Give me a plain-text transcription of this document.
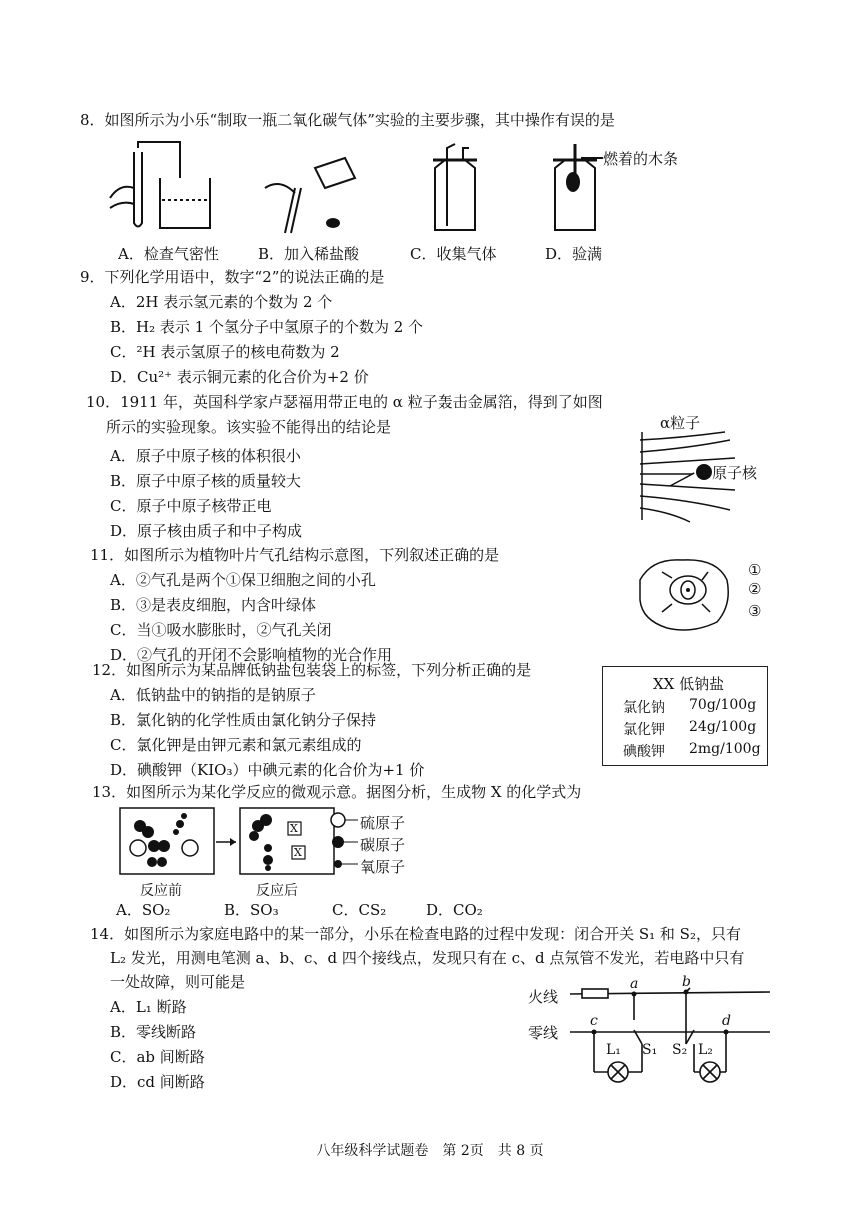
8．如图所示为小乐“制取一瓶二氧化碳气体”实验的主要步骤，其中操作有误的是
燃着的木条
A．检查气密性	B．加入稀盐酸	C．收集气体	D．验满
9．下列化学用语中，数字“2”的说法正确的是
A．2H 表示氢元素的个数为 2 个
B．H₂ 表示 1 个氢分子中氢原子的个数为 2 个
C．²H 表示氢原子的核电荷数为 2
D．Cu²⁺ 表示铜元素的化合价为+2 价
10．1911 年，英国科学家卢瑟福用带正电的 α 粒子轰击金属箔，得到了如图
所示的实验现象。该实验不能得出的结论是
A．原子中原子核的体积很小
B．原子中原子核的质量较大
C．原子中原子核带正电
D．原子核由质子和中子构成
α粒子
原子核
11．如图所示为植物叶片气孔结构示意图，下列叙述正确的是
A．②气孔是两个①保卫细胞之间的小孔
B．③是表皮细胞，内含叶绿体
C．当①吸水膨胀时，②气孔关闭
D．②气孔的开闭不会影响植物的光合作用
①
②
③
12．如图所示为某品牌低钠盐包装袋上的标签，下列分析正确的是
A．低钠盐中的钠指的是钠原子
B．氯化钠的化学性质由氯化钠分子保持
C．氯化钾是由钾元素和氯元素组成的
D．碘酸钾（KIO₃）中碘元素的化合价为+1 价
XX 低钠盐
氯化钠 70g/100g
氯化钾 24g/100g
碘酸钾 2mg/100g
13．如图所示为某化学反应的微观示意。据图分析，生成物 X 的化学式为
X
X
硫原子
碳原子
氧原子
反应前	反应后
A．SO₂	B．SO₃	C．CS₂	D．CO₂
14．如图所示为家庭电路中的某一部分，小乐在检查电路的过程中发现：闭合开关 S₁ 和 S₂，只有
L₂ 发光，用测电笔测 a、b、c、d 四个接线点，发现只有在 c、d 点氖管不发光，若电路中只有
一处故障，则可能是
A．L₁ 断路
B．零线断路
C．ab 间断路
D．cd 间断路
火线
零线
a	b
c	d
L₁ S₁ S₂ L₂
八年级科学试题卷　第 2页　共 8 页
